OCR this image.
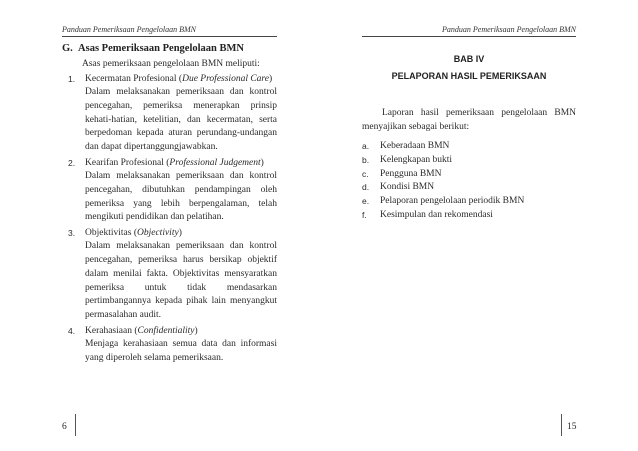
Panduan Pemeriksaan Pengelolaan BMN

G. Asas Pemeriksaan Pengelolaan BMN

Asas pemeriksaan pengelolaan BMN meliputi:

1. Kecermatan Profesional (Due Professional Care)

Dalam melaksanakan pemeriksaan dan kontrol pencegahan, pemeriksa menerapkan prinsip kehati-hatian, ketelitian, dan kecermatan, serta berpedoman kepada aturan perundang-undangan dan dapat dipertanggungjawabkan.

2. Kearifan Profesional (Professional Judgement)

Dalam melaksanakan pemeriksaan dan kontrol pencegahan, dibutuhkan pendampingan oleh pemeriksa yang lebih berpengalaman, telah mengikuti pendidikan dan pelatihan.

3. Objektivitas (Objectivity)

Dalam melaksanakan pemeriksaan dan kontrol pencegahan, pemeriksa harus bersikap objektif dalam menilai fakta. Objektivitas mensyaratkan pemeriksa untuk tidak mendasarkan pertimbangannya kepada pihak lain menyangkut permasalahan audit.

4. Kerahasiaan (Confidentiality)

Menjaga kerahasiaan semua data dan informasi yang diperoleh selama pemeriksaan.

6
Panduan Pemeriksaan Pengelolaan BMN
BAB IV
PELAPORAN HASIL PEMERIKSAAN

Laporan hasil pemeriksaan pengelolaan BMN menyajikan sebagai berikut:

a. Keberadaan BMN
b. Kelengkapan bukti
c. Pengguna BMN
d. Kondisi BMN
e. Pelaporan pengelolaan periodik BMN
f. Kesimpulan dan rekomendasi
15
